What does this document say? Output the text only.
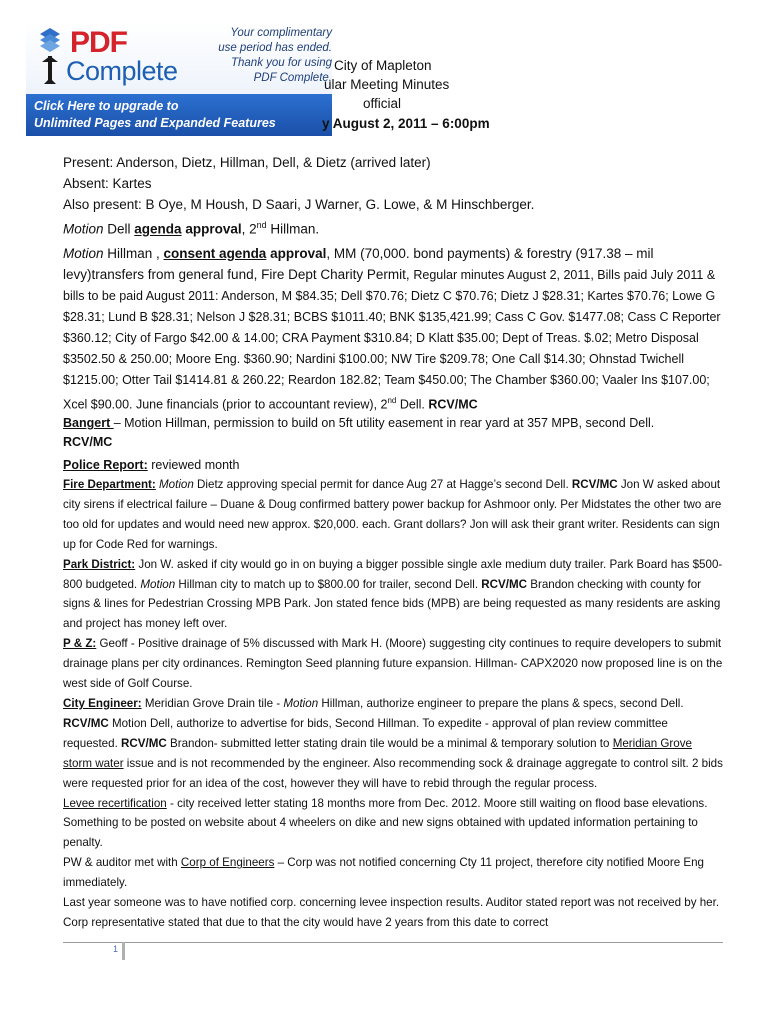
PDF
Complete
Your complimentary
use period has ended.
Thank you for using
PDF Complete.
Click Here to upgrade to
Unlimited Pages and Expanded Features
City of Mapleton
ular Meeting Minutes
official
y August 2, 2011 – 6:00pm

Present: Anderson, Dietz, Hillman, Dell, & Dietz (arrived later)

Absent: Kartes

Also present: B Oye, M Housh, D Saari, J Warner, G. Lowe, & M Hinschberger.

Motion Dell agenda approval, 2nd Hillman.

Motion Hillman , consent agenda approval, MM (70,000. bond payments) & forestry (917.38 – mil levy)transfers from general fund, Fire Dept Charity Permit, Regular minutes August 2, 2011, Bills paid July 2011 & bills to be paid August 2011: Anderson, M $84.35; Dell $70.76; Dietz C $70.76; Dietz J $28.31; Kartes $70.76; Lowe G $28.31; Lund B $28.31; Nelson J $28.31; BCBS $1011.40; BNK $135,421.99; Cass C Gov. $1477.08; Cass C Reporter $360.12; City of Fargo $42.00 & 14.00; CRA Payment $310.84; D Klatt $35.00; Dept of Treas. $.02; Metro Disposal $3502.50 & 250.00; Moore Eng. $360.90; Nardini $100.00; NW Tire $209.78; One Call $14.30; Ohnstad Twichell $1215.00; Otter Tail $1414.81 & 260.22; Reardon 182.82; Team $450.00; The Chamber $360.00; Vaaler Ins $107.00; Xcel $90.00. June financials (prior to accountant review), 2nd Dell. RCV/MC

Bangert – Motion Hillman, permission to build on 5ft utility easement in rear yard at 357 MPB, second Dell.
RCV/MC

Police Report: reviewed month

Fire Department: Motion Dietz approving special permit for dance Aug 27 at Hagge’s second Dell. RCV/MC Jon W asked about city sirens if electrical failure – Duane & Doug confirmed battery power backup for Ashmoor only. Per Midstates the other two are too old for updates and would need new approx. $20,000. each. Grant dollars? Jon will ask their grant writer. Residents can sign up for Code Red for warnings.

Park District: Jon W. asked if city would go in on buying a bigger possible single axle medium duty trailer. Park Board has $500-800 budgeted. Motion Hillman city to match up to $800.00 for trailer, second Dell. RCV/MC Brandon checking with county for signs & lines for Pedestrian Crossing MPB Park. Jon stated fence bids (MPB) are being requested as many residents are asking and project has money left over.

P & Z: Geoff - Positive drainage of 5% discussed with Mark H. (Moore) suggesting city continues to require developers to submit drainage plans per city ordinances. Remington Seed planning future expansion. Hillman- CAPX2020 now proposed line is on the west side of Golf Course.

City Engineer: Meridian Grove Drain tile - Motion Hillman, authorize engineer to prepare the plans & specs, second Dell. RCV/MC Motion Dell, authorize to advertise for bids, Second Hillman. To expedite - approval of plan review committee requested. RCV/MC Brandon- submitted letter stating drain tile would be a minimal & temporary solution to Meridian Grove storm water issue and is not recommended by the engineer. Also recommending sock & drainage aggregate to control silt. 2 bids were requested prior for an idea of the cost, however they will have to rebid through the regular process.

Levee recertification - city received letter stating 18 months more from Dec. 2012. Moore still waiting on flood base elevations. Something to be posted on website about 4 wheelers on dike and new signs obtained with updated information pertaining to penalty.

PW & auditor met with Corp of Engineers – Corp was not notified concerning Cty 11 project, therefore city notified Moore Eng immediately.

Last year someone was to have notified corp. concerning levee inspection results. Auditor stated report was not received by her. Corp representative stated that due to that the city would have 2 years from this date to correct

1
